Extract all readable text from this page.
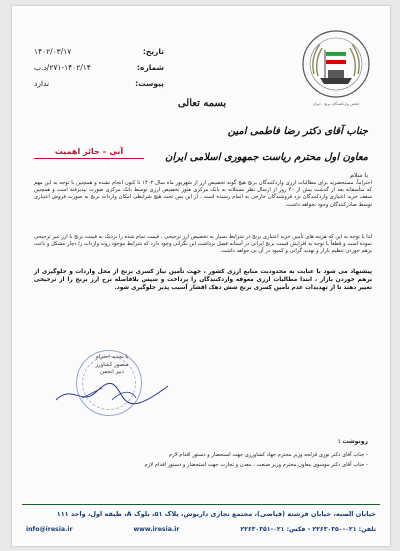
تاریخ:
۱۴۰۲/۰۳/۱۷
شماره:
۲۷۱-۱۴۰۲/۱۴/د.ب
پیوست:
ندارد
انجمن واردکنندگان برنج - ایران
بسمه تعالی
جناب آقای دکتر رضا فاطمی امین
معاون اول محترم ریاست جمهوری اسلامی ایران
آنی – حائز اهمیت
با سلام
احتراماً، مستحضرید برای مطالبات ارزی واردکنندگان برنج هیچ گونه تخصیص ارز از شهریور ماه سال ۱۴۰۲ تا کنون انجام نشده و همچنین با توجه به این مهم که متأسفانه بعد از گذشت بیش از ۴۰ روز از ارسال نظر مسئلانه به بانک مرکزی هنوز تخصیص ارزی توسط بانک مرکزی صورت نپذیرفته است و همچنین سقف خرید اعتباری واردکنندگان نزد فروشندگان خارجی به اتمام رسیده است ، از این پس تحت هیچ شرایطی امکان واردات برنج به صورت فروش اعتباری توسط صادرکنندگان وجود نخواهد داشت.
لذا با توجه به این که هزینه های تأمین خرید اعتباری برنج در شرایط بسیار به تخصیص ارز ترجیحی ، قیمت تمام شده را نزدیک به قیمت برنج با ارز غیر ترجیحی نموده است و قطعاً با توجه به افزایش قیمت برنج ایرانی در آستانه فصل برداشت این نگرانی وجود دارد که شرایط موجود روند واردات را دچار مشکل و باعث برهم خوردن تنظیم بازار و تهدید گرانی و کمبود در آن بی خواهد داشت.
پیشنهاد می شود با عنایت به محدودیت منابع ارزی کشور ، جهت تأمین نیاز کسری برنج از محل واردات و جلوگیری از برهم خوردن بازار ، ابتدا مطالبات ارزی معوقه واردکنندگان را پرداخت و سپس بلافاصله نرخ ارز برنج را از ترجیحی تغییر دهند تا از تهدیدات عدم تأمین کسری برنج شش دهک اقشار آسیب پذیر جلوگیری شود.
با تجدید احترام
منصور کشاورز
دبیر انجمن
رونوشت :
- جناب آقای دکتر نوری قزلجه وزیر محترم جهاد کشاورزی جهت استحضار و دستور اقدام لازم
- جناب آقای دکتر موسوی معاون محترم وزیر صنعت ، معدن و تجارت جهت استحضار و دستور اقدام لازم
خیابان الصبه، خیابان فرشته (فیاضی)، مجتمع تجاری داریوش، پلاک ۵۱، بلوک A، طبقه اول، واحد ۱۱۱
تلفن: ۰۲۱-۲۲۶۳۰۳۵۰ - فکس: ۰۲۱-۲۲۶۳۰۳۵۱
www.iresia.ir
info@iresia.ir
